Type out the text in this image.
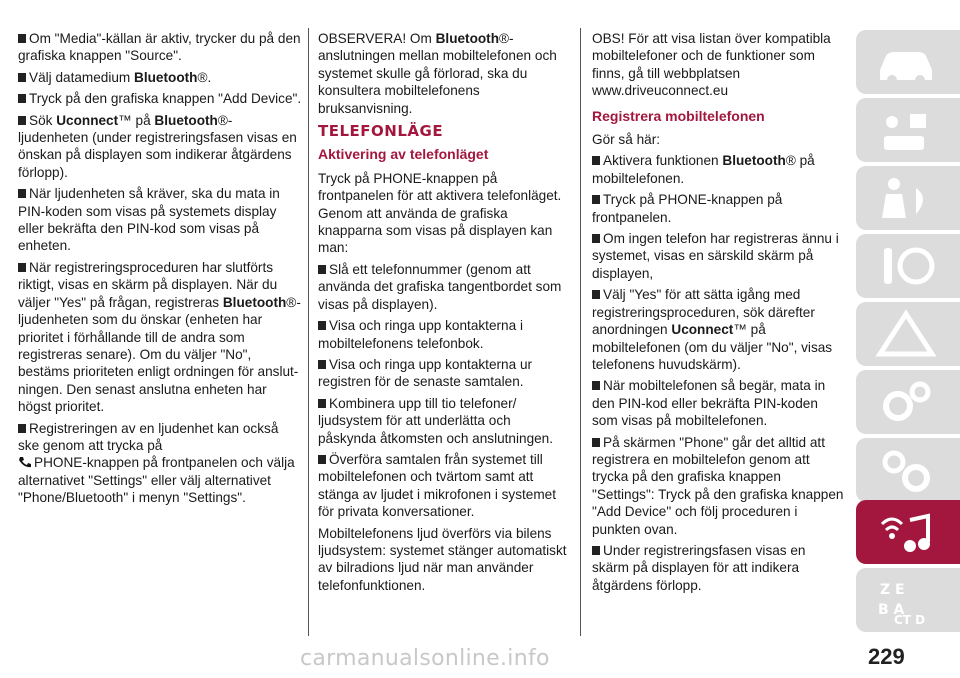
Om "Media"-källan är aktiv, trycker du på den grafiska knappen "Source".

Välj datamedium Bluetooth®.

Tryck på den grafiska knappen "Add Device".

Sök Uconnect™ på Bluetooth®-ljudenheten (under registreringsfasen visas en önskan på displayen som indikerar åtgärdens förlopp).

När ljudenheten så kräver, ska du mata in PIN-koden som visas på systemets display eller bekräfta den PIN-kod som visas på enheten.

När registreringsproceduren har slutförts riktigt, visas en skärm på displayen. När du väljer "Yes" på frågan, registreras Bluetooth®-ljudenheten som du önskar (enheten har prioritet i förhållande till de andra som registreras senare). Om du väljer "No", bestäms prioriteten enligt ordningen för anslut-ningen. Den senast anslutna enheten har högst prioritet.

Registreringen av en ljudenhet kan också ske genom att trycka på
PHONE-knappen på frontpanelen och välja alternativet "Settings" eller välj alternativet "Phone/Bluetooth" i menyn "Settings".

OBSERVERA! Om Bluetooth®-anslutningen mellan mobiltelefonen och systemet skulle gå förlorad, ska du konsultera mobiltelefonens bruksanvisning.

TELEFONLÄGE
Aktivering av telefonläget

Tryck på PHONE-knappen på frontpanelen för att aktivera telefonläget.

Genom att använda de grafiska knapparna som visas på displayen kan man:

Slå ett telefonnummer (genom att använda det grafiska tangentbordet som visas på displayen).

Visa och ringa upp kontakterna i mobiltelefonens telefonbok.

Visa och ringa upp kontakterna ur registren för de senaste samtalen.

Kombinera upp till tio telefoner/ ljudsystem för att underlätta och påskynda åtkomsten och anslutningen.

Överföra samtalen från systemet till mobiltelefonen och tvärtom samt att stänga av ljudet i mikrofonen i systemet för privata konversationer.

Mobiltelefonens ljud överförs via bilens ljudsystem: systemet stänger automatiskt av bilradions ljud när man använder telefonfunktionen.

OBS! För att visa listan över kompatibla mobiltelefoner och de funktioner som finns, gå till webbplatsen www.driveuconnect.eu

Registrera mobiltelefonen

Gör så här:

Aktivera funktionen Bluetooth® på mobiltelefonen.

Tryck på PHONE-knappen på frontpanelen.

Om ingen telefon har registreras ännu i systemet, visas en särskild skärm på displayen,

Välj "Yes" för att sätta igång med registreringsproceduren, sök därefter anordningen Uconnect™ på mobiltelefonen (om du väljer "No", visas telefonens huvudskärm).

När mobiltelefonen så begär, mata in den PIN-kod eller bekräfta PIN-koden som visas på mobiltelefonen.

På skärmen "Phone" går det alltid att registrera en mobiltelefon genom att trycka på den grafiska knappen "Settings": Tryck på den grafiska knappen "Add Device" och följ proceduren i punkten ovan.

Under registreringsfasen visas en skärm på displayen för att indikera åtgärdens förlopp.	Z E
B A
CT D
229
carmanualsonline.info
